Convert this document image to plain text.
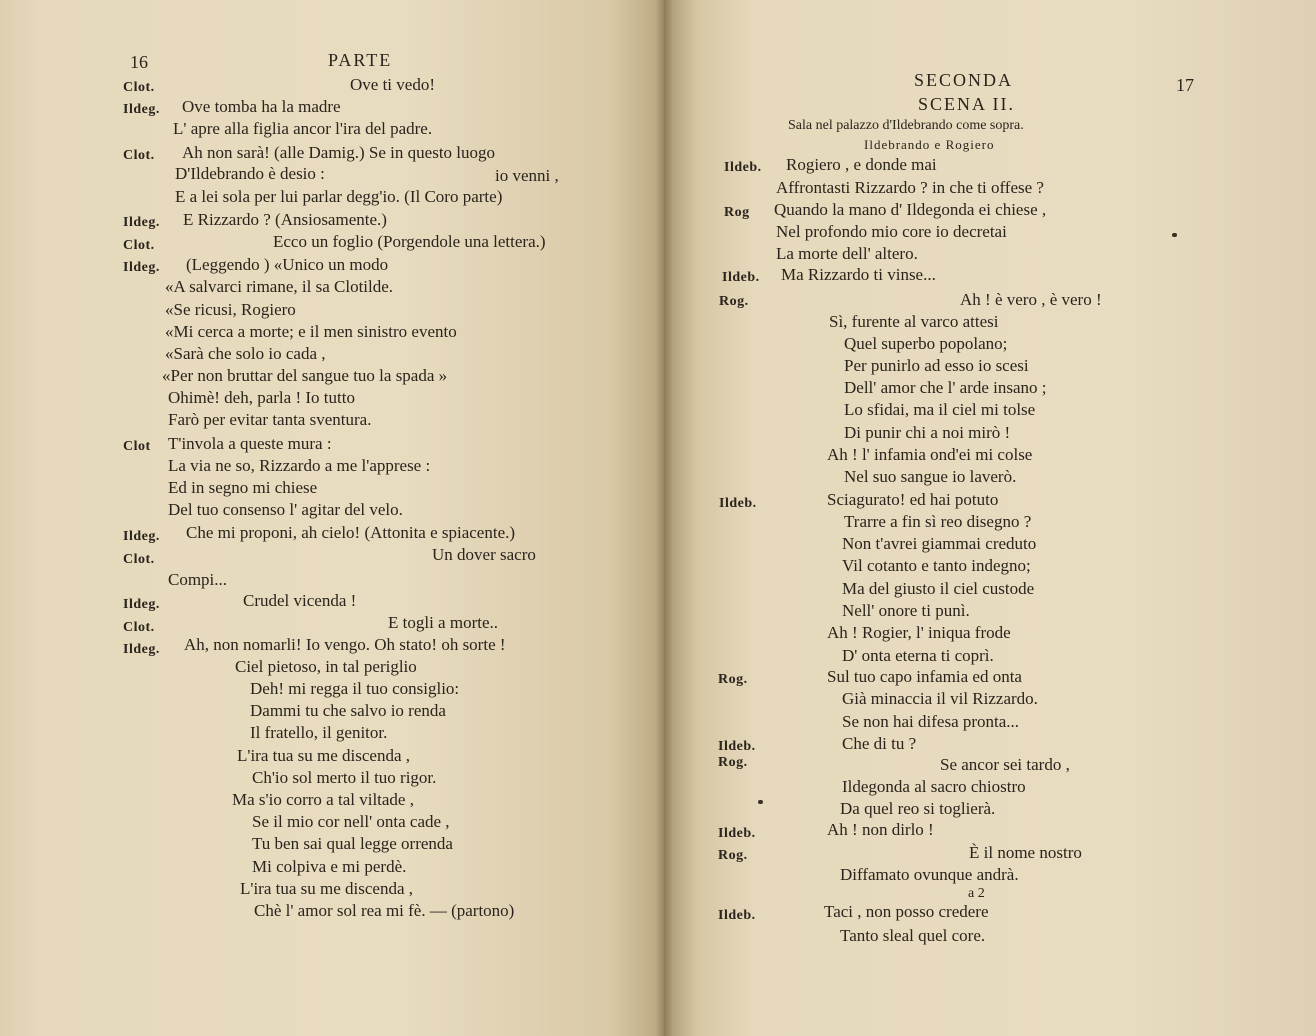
16	PARTE
Clot.	Ove ti vedo!
Ildeg. Ove tomba ha la madre
L' apre alla figlia ancor l'ira del padre.
Clot. Ah non sarà! (alle Damig.) Se in questo luogo
D'Ildebrando è desio :	io venni ,
E a lei sola per lui parlar degg'io. (Il Coro parte)
Ildeg. E Rizzardo ? (Ansiosamente.)
Clot.	Ecco un foglio (Porgendole una lettera.)
Ildeg. (Leggendo ) «Unico un modo
«A salvarci rimane, il sa Clotilde.
«Se ricusi, Rogiero
«Mi cerca a morte; e il men sinistro evento
«Sarà che solo io cada ,
«Per non bruttar del sangue tuo la spada »
Ohimè! deh, parla ! Io tutto
Farò per evitar tanta sventura.
Clot T'invola a queste mura :
La via ne so, Rizzardo a me l'apprese :
Ed in segno mi chiese
Del tuo consenso l' agitar del velo.
Ildeg. Che mi proponi, ah cielo! (Attonita e spiacente.)
Clot.	Un dover sacro
Compi...
Ildeg.	Crudel vicenda !
Clot.	E togli a morte..
Ildeg. Ah, non nomarli! Io vengo. Oh stato! oh sorte !
Ciel pietoso, in tal periglio
Deh! mi regga il tuo consiglio:
Dammi tu che salvo io renda
Il fratello, il genitor.
L'ira tua su me discenda ,
Ch'io sol merto il tuo rigor.
Ma s'io corro a tal viltade ,
Se il mio cor nell' onta cade ,
Tu ben sai qual legge orrenda
Mi colpiva e mi perdè.
L'ira tua su me discenda ,
Chè l' amor sol rea mi fè. — (partono)
SECONDA	17
SCENA II.
Sala nel palazzo d'Ildebrando come sopra.
Ildebrando e Rogiero
Ildeb. Rogiero , e donde mai
Affrontasti Rizzardo ? in che ti offese ?
Rog Quando la mano d' Ildegonda ei chiese ,
Nel profondo mio core io decretai
La morte dell' altero.
Ildeb. Ma Rizzardo ti vinse...
Rog.	Ah ! è vero , è vero !
Sì, furente al varco attesi
Quel superbo popolano;
Per punirlo ad esso io scesi
Dell' amor che l' arde insano ;
Lo sfidai, ma il ciel mi tolse
Di punir chi a noi mirò !
Ah ! l' infamia ond'ei mi colse
Nel suo sangue io laverò.
Ildeb.	Sciagurato! ed hai potuto
Trarre a fin sì reo disegno ?
Non t'avrei giammai creduto
Vil cotanto e tanto indegno;
Ma del giusto il ciel custode
Nell' onore ti punì.
Ah ! Rogier, l' iniqua frode
D' onta eterna ti coprì.
Rog.	Sul tuo capo infamia ed onta
Già minaccia il vil Rizzardo.
Se non hai difesa pronta...
Ildeb.	Che di tu ?
Rog.	Se ancor sei tardo ,
Ildegonda al sacro chiostro
Da quel reo si toglierà.
Ildeb.	Ah ! non dirlo !
Rog.	È il nome nostro
Diffamato ovunque andrà.
a 2
Ildeb.	Taci , non posso credere
Tanto sleal quel core.
